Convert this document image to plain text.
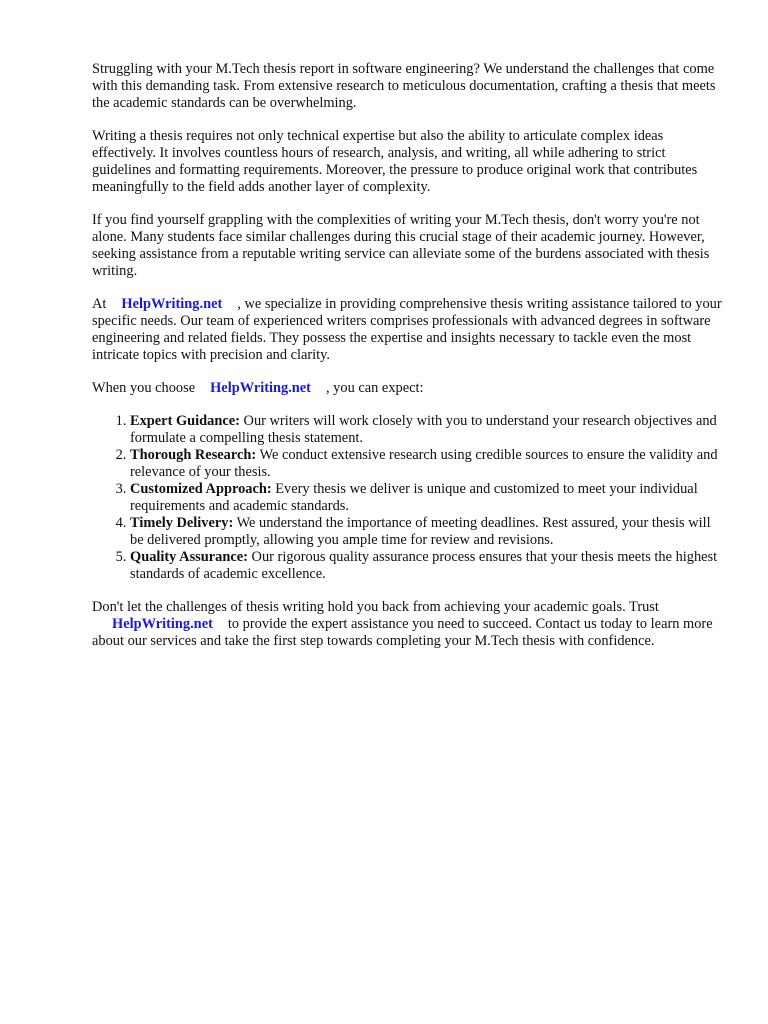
Struggling with your M.Tech thesis report in software engineering? We understand the challenges that come with this demanding task. From extensive research to meticulous documentation, crafting a thesis that meets the academic standards can be overwhelming.

Writing a thesis requires not only technical expertise but also the ability to articulate complex ideas effectively. It involves countless hours of research, analysis, and writing, all while adhering to strict guidelines and formatting requirements. Moreover, the pressure to produce original work that contributes meaningfully to the field adds another layer of complexity.

If you find yourself grappling with the complexities of writing your M.Tech thesis, don't worry you're not alone. Many students face similar challenges during this crucial stage of their academic journey. However, seeking assistance from a reputable writing service can alleviate some of the burdens associated with thesis writing.

At HelpWriting.net , we specialize in providing comprehensive thesis writing assistance tailored to your specific needs. Our team of experienced writers comprises professionals with advanced degrees in software engineering and related fields. They possess the expertise and insights necessary to tackle even the most intricate topics with precision and clarity.

When you choose HelpWriting.net , you can expect:

1. Expert Guidance: Our writers will work closely with you to understand your research objectives and formulate a compelling thesis statement.
2. Thorough Research: We conduct extensive research using credible sources to ensure the validity and relevance of your thesis.
3. Customized Approach: Every thesis we deliver is unique and customized to meet your individual requirements and academic standards.
4. Timely Delivery: We understand the importance of meeting deadlines. Rest assured, your thesis will be delivered promptly, allowing you ample time for review and revisions.
5. Quality Assurance: Our rigorous quality assurance process ensures that your thesis meets the highest standards of academic excellence.

Don't let the challenges of thesis writing hold you back from achieving your academic goals. Trust
HelpWriting.net to provide the expert assistance you need to succeed. Contact us today to learn more about our services and take the first step towards completing your M.Tech thesis with confidence.
